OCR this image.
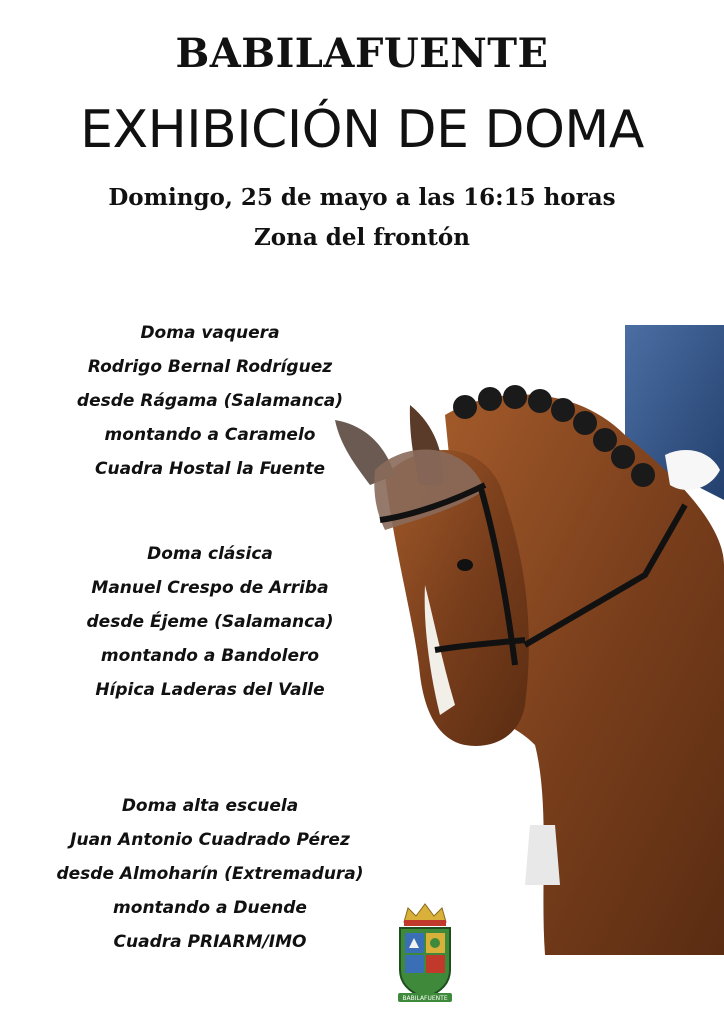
BABILAFUENTE
EXHIBICIÓN DE DOMA
Domingo, 25 de mayo a las 16:15 horas
Zona del frontón
Doma vaquera
Rodrigo Bernal Rodríguez
desde Rágama (Salamanca)
montando a Caramelo
Cuadra Hostal la Fuente
Doma clásica
Manuel Crespo de Arriba
desde Éjeme (Salamanca)
montando a Bandolero
Hípica Laderas del Valle
Doma alta escuela
Juan Antonio Cuadrado Pérez
desde Almoharín (Extremadura)
montando a Duende
Cuadra PRIARM/IMO
BABILAFUENTE
